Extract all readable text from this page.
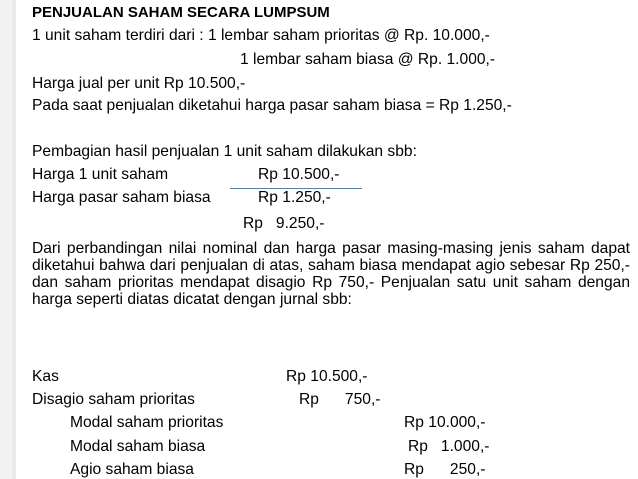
PENJUALAN SAHAM SECARA LUMPSUM
1 unit saham terdiri dari : 1 lembar saham prioritas @ Rp. 10.000,-
1 lembar saham biasa @ Rp. 1.000,-
Harga jual per unit Rp 10.500,-
Pada saat penjualan diketahui harga pasar saham biasa = Rp 1.250,-
Pembagian hasil penjualan 1 unit saham dilakukan sbb:
Harga 1 unit saham	Rp 10.500,-
Harga pasar saham biasa	Rp 1.250,-
Rp   9.250,-
Dari perbandingan nilai nominal dan harga pasar masing-masing jenis saham dapat diketahui bahwa dari penjualan di atas, saham biasa mendapat agio sebesar Rp 250,- dan saham prioritas mendapat disagio Rp 750,- Penjualan satu unit saham dengan harga seperti diatas dicatat dengan jurnal sbb:
Kas	Rp 10.500,-
Disagio saham prioritas	Rp      750,-
Modal saham prioritas	Rp 10.000,-
Modal saham biasa	Rp   1.000,-
Agio saham biasa	Rp      250,-
